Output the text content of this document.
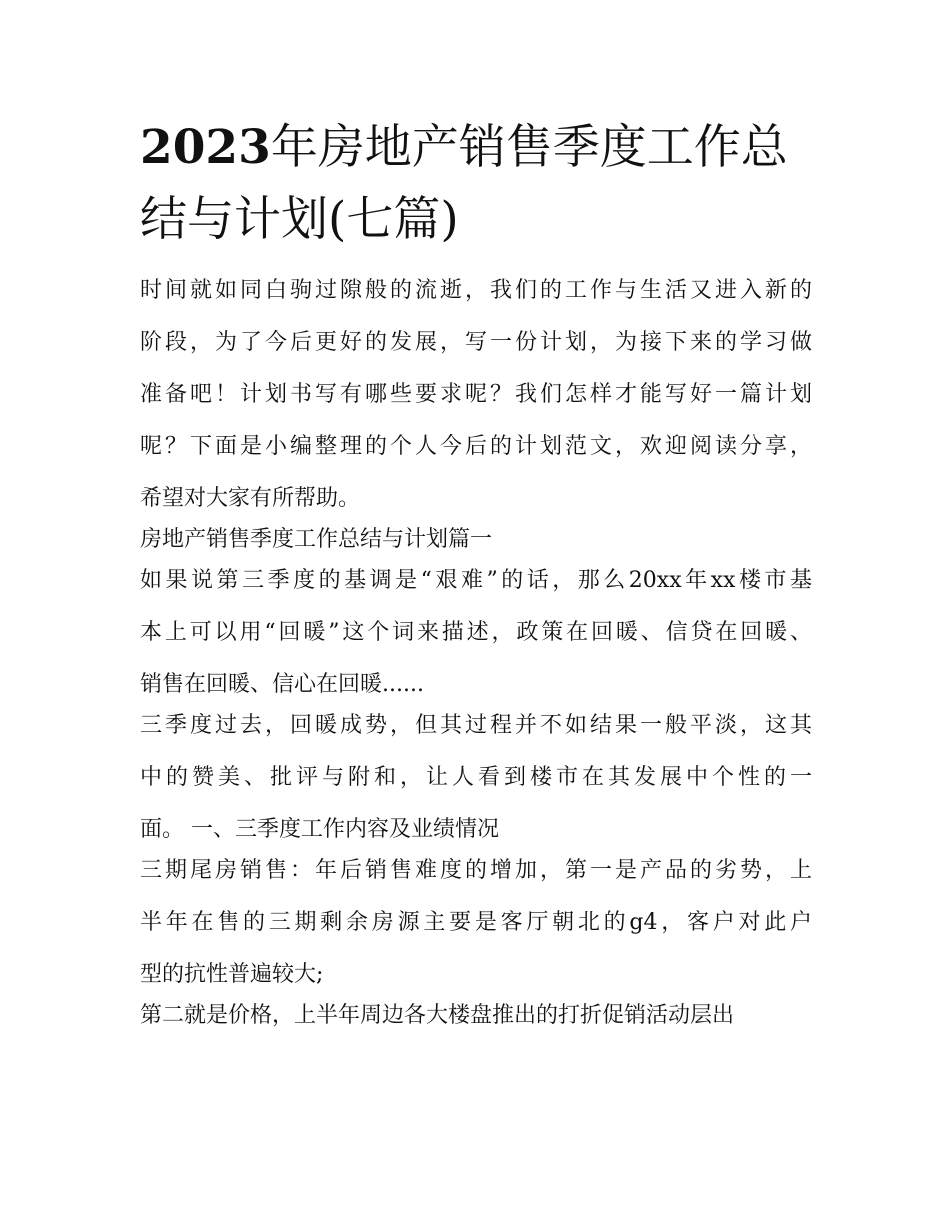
2023年房地产销售季度工作总
结与计划(七篇)

时间就如同白驹过隙般的流逝，我们的工作与生活又进入新的
阶段，为了今后更好的发展，写一份计划，为接下来的学习做
准备吧！计划书写有哪些要求呢？我们怎样才能写好一篇计划
呢？下面是小编整理的个人今后的计划范文，欢迎阅读分享，
希望对大家有所帮助。

房地产销售季度工作总结与计划篇一

如果说第三季度的基调是“艰难”的话，那么20xx年xx楼市基
本上可以用“回暖”这个词来描述，政策在回暖、信贷在回暖、
销售在回暖、信心在回暖......

三季度过去，回暖成势，但其过程并不如结果一般平淡，这其
中的赞美、批评与附和，让人看到楼市在其发展中个性的一
面。 一、三季度工作内容及业绩情况

三期尾房销售：年后销售难度的增加，第一是产品的劣势，上
半年在售的三期剩余房源主要是客厅朝北的g4，客户对此户
型的抗性普遍较大;

第二就是价格，上半年周边各大楼盘推出的打折促销活动层出
